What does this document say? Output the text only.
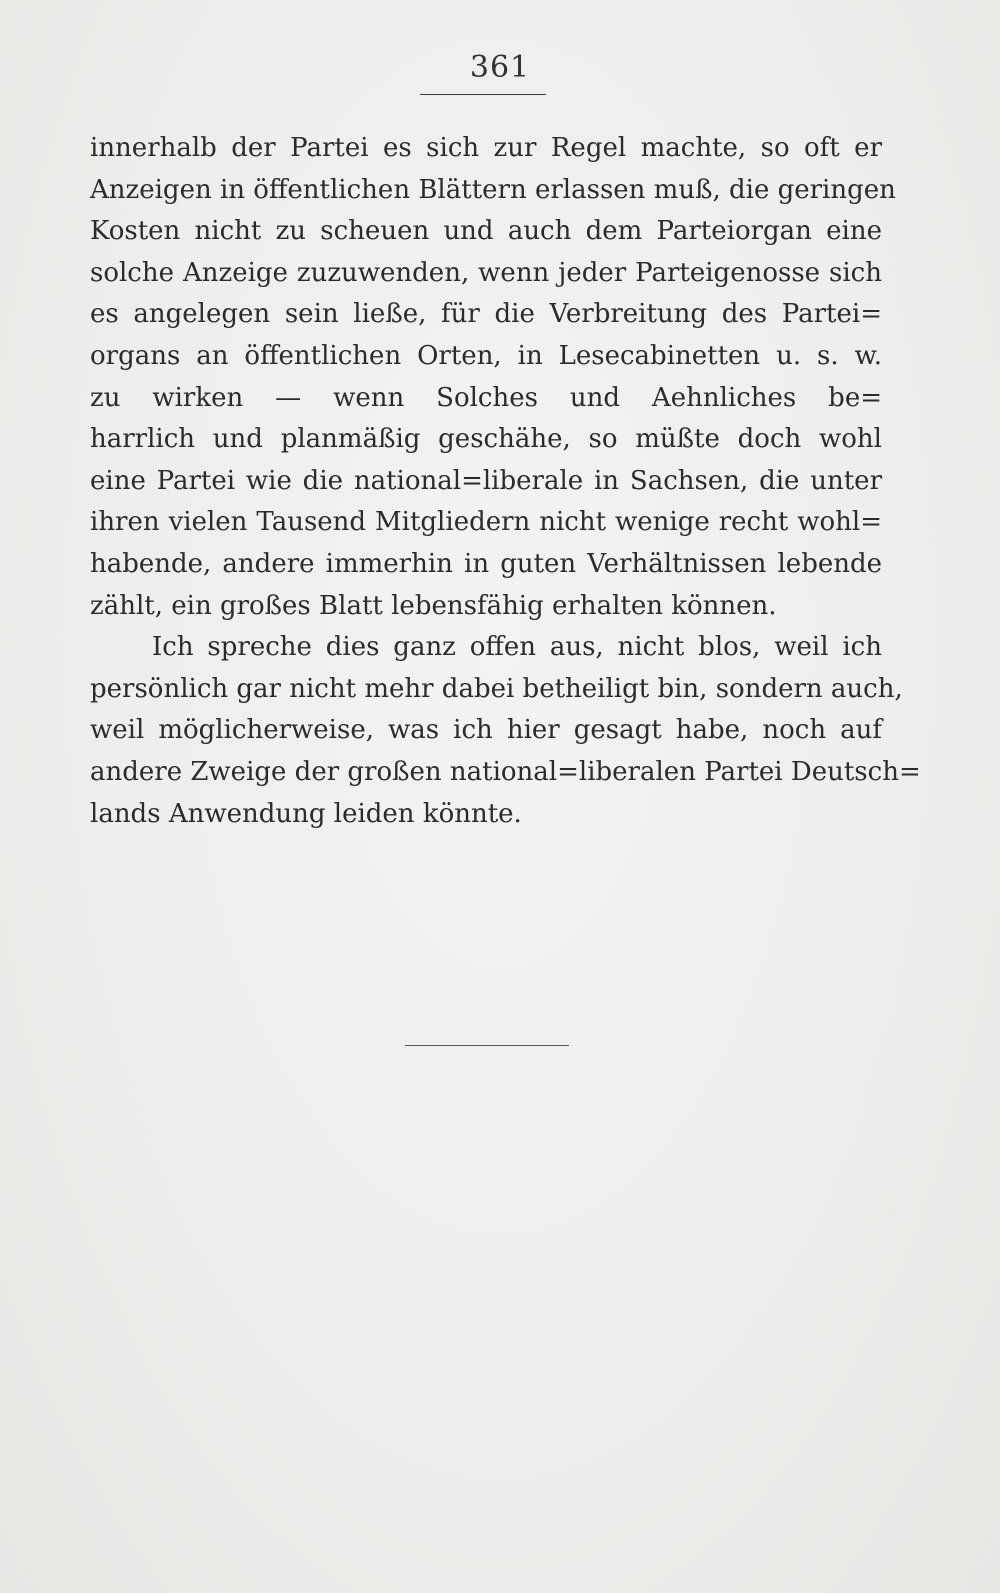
361
innerhalb der Partei es sich zur Regel machte, so oft er
Anzeigen in öffentlichen Blättern erlassen muß, die geringen
Kosten nicht zu scheuen und auch dem Parteiorgan eine
solche Anzeige zuzuwenden, wenn jeder Parteigenosse sich
es angelegen sein ließe, für die Verbreitung des Partei=
organs an öffentlichen Orten, in Lesecabinetten u. s. w.
zu wirken — wenn Solches und Aehnliches be=
harrlich und planmäßig geschähe, so müßte doch wohl
eine Partei wie die national=liberale in Sachsen, die unter
ihren vielen Tausend Mitgliedern nicht wenige recht wohl=
habende, andere immerhin in guten Verhältnissen lebende
zählt, ein großes Blatt lebensfähig erhalten können.
Ich spreche dies ganz offen aus, nicht blos, weil ich
persönlich gar nicht mehr dabei betheiligt bin, sondern auch,
weil möglicherweise, was ich hier gesagt habe, noch auf
andere Zweige der großen national=liberalen Partei Deutsch=
lands Anwendung leiden könnte.
